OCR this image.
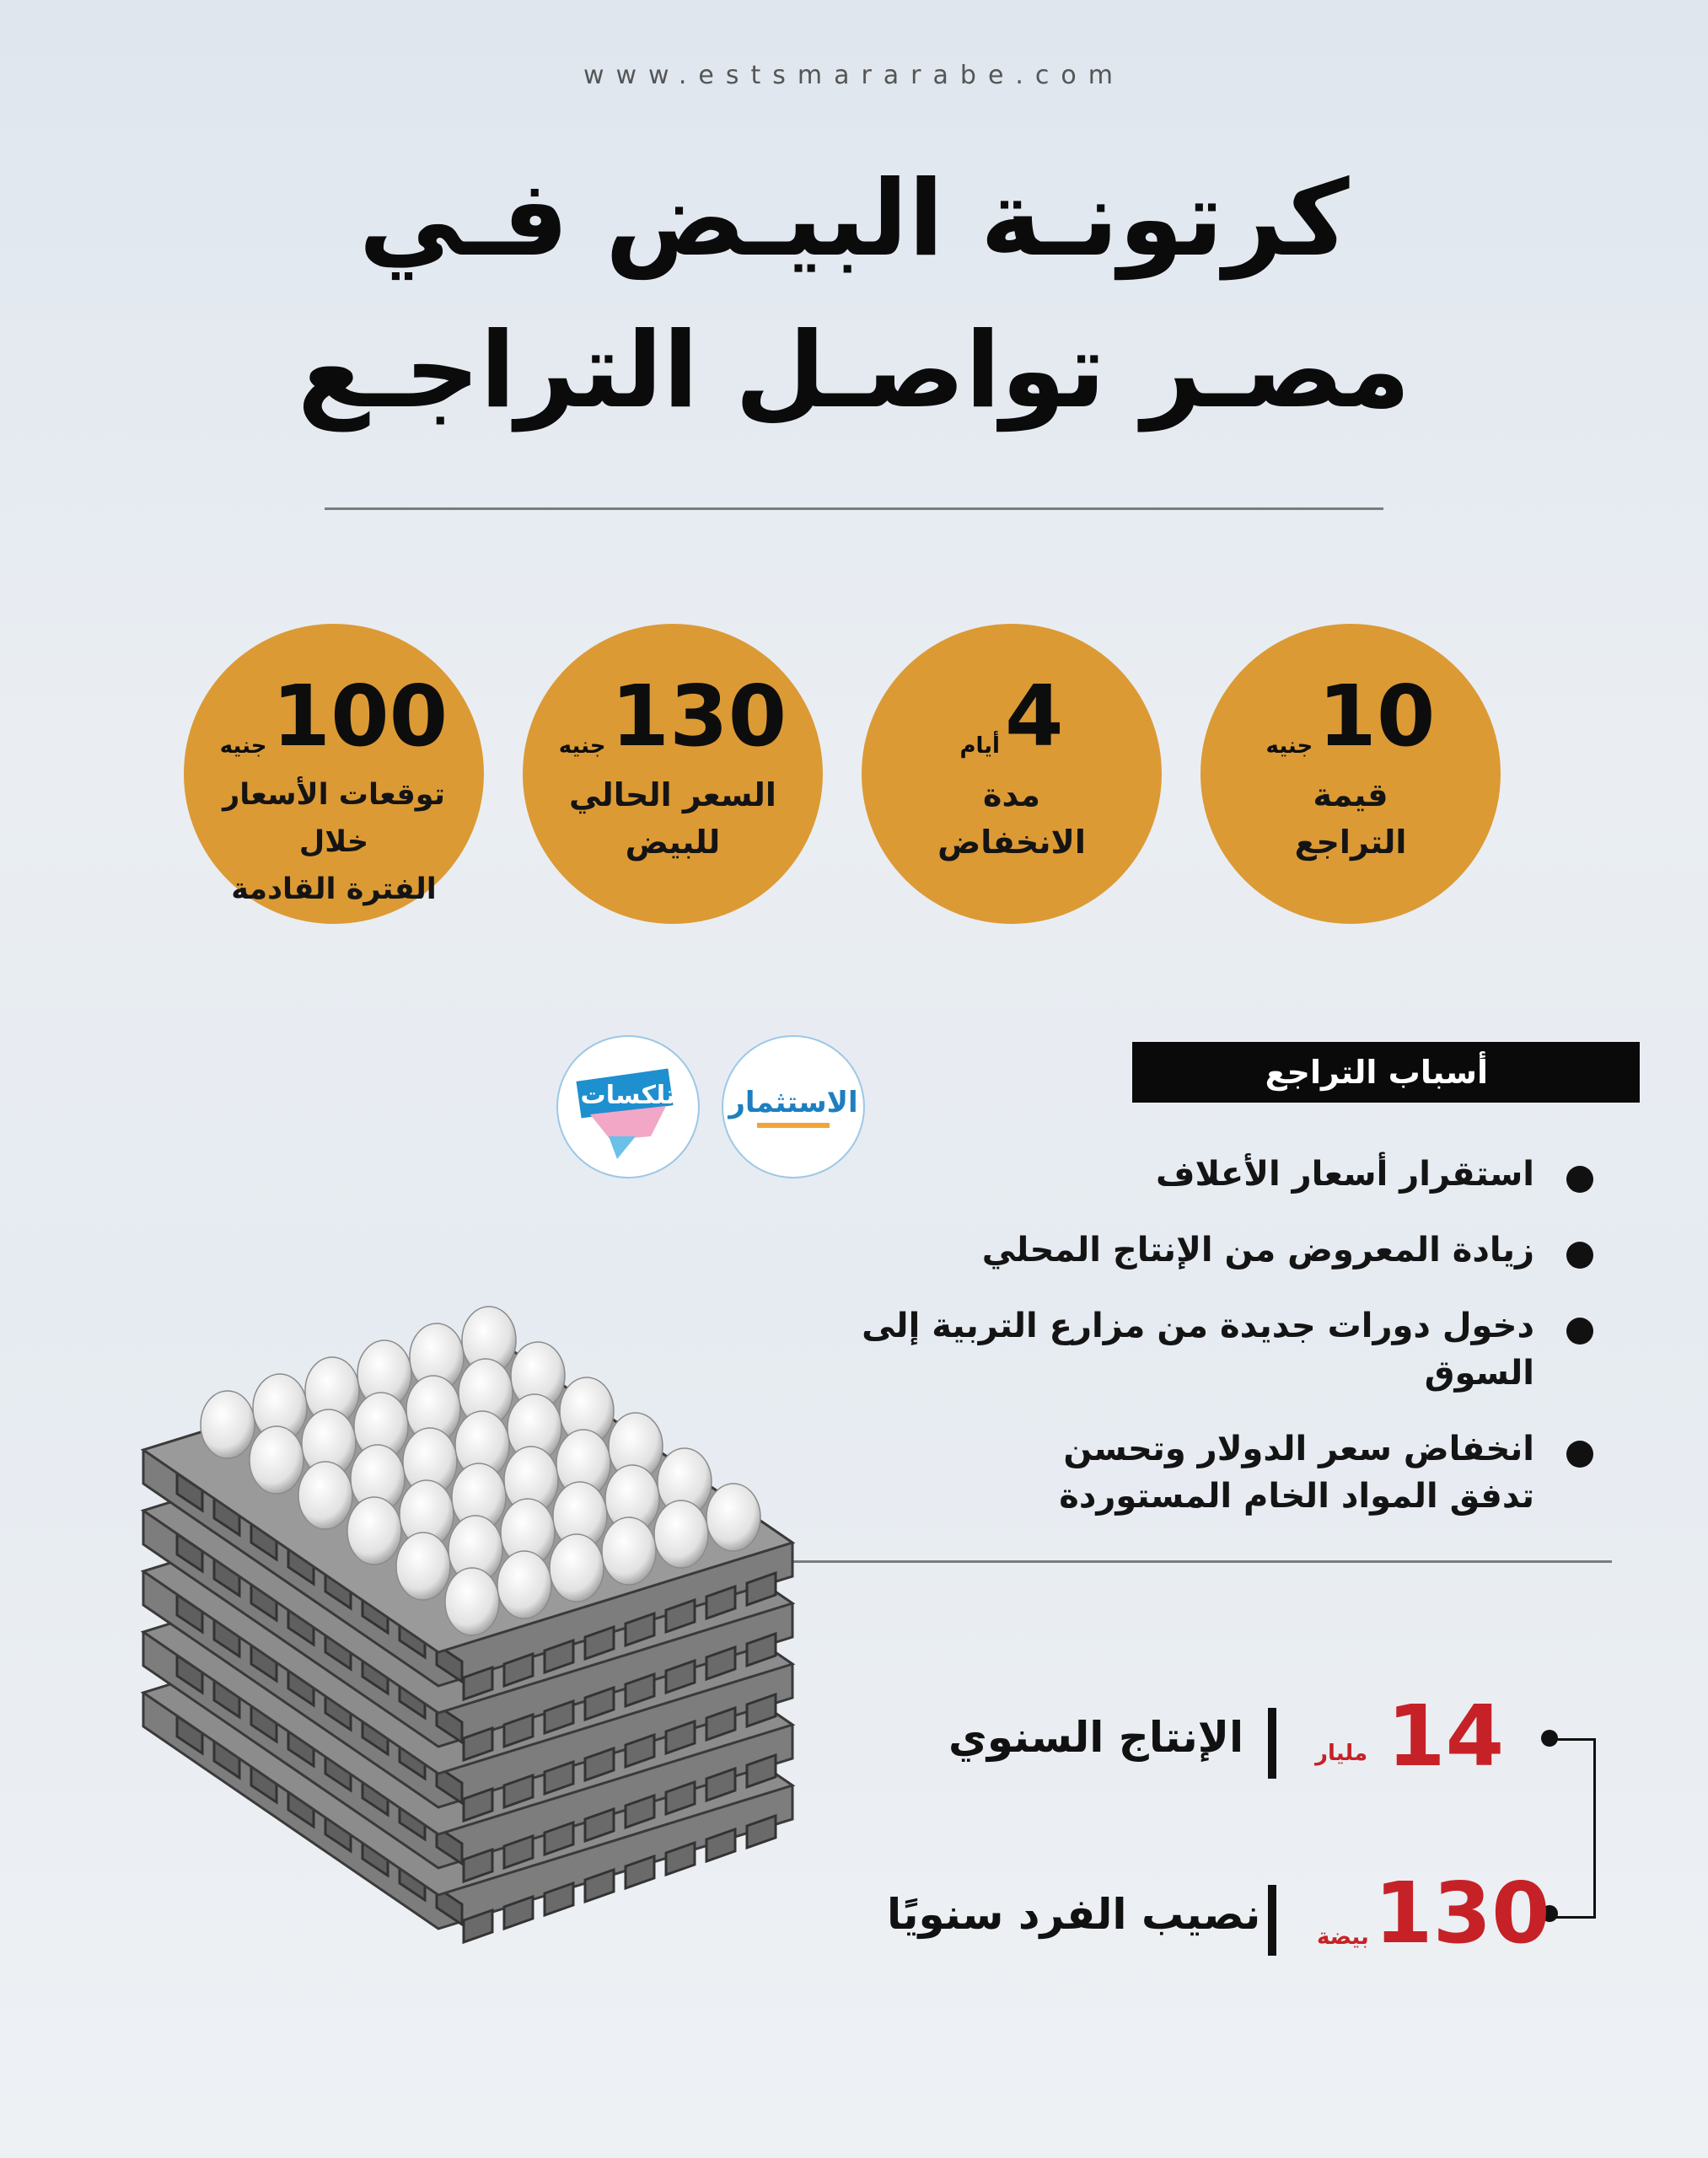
www.estsmararabe.com
كرتونـة البيـض فـي
مصـر تواصـل التراجـع
10جنيه
قيمة
التراجع
4أيام
مدة
الانخفاض
130جنيه
السعر الحالي
للبيض
100جنيه
توقعات الأسعار خلال
الفترة القادمة
تلكسات	الاستثمار
أسباب التراجع
استقرار أسعار الأعلاف
زيادة المعروض من الإنتاج المحلي
دخول دورات جديدة من مزارع التربية إلى السوق
انخفاض سعر الدولار وتحسن تدفق المواد الخام المستوردة
14
مليار
الإنتاج السنوي
130
بيضة
نصيب الفرد سنويًا
